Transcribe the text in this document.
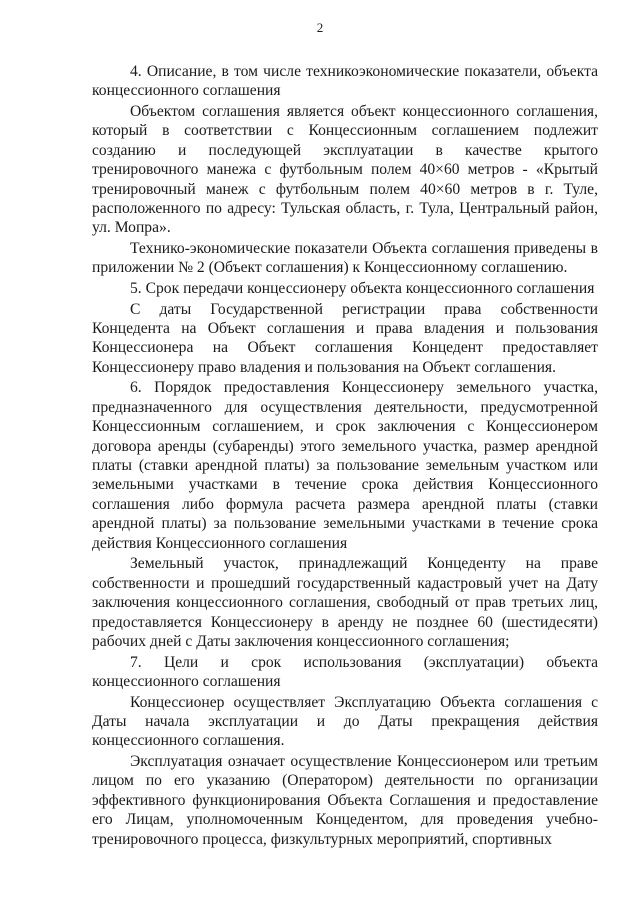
2

4. Описание, в том числе техникоэкономические показатели, объекта концессионного соглашения

Объектом соглашения является объект концессионного соглашения, который в соответствии с Концессионным соглашением подлежит созданию и последующей эксплуатации в качестве крытого тренировочного манежа с футбольным полем 40×60 метров - «Крытый тренировочный манеж с футбольным полем 40×60 метров в г. Туле, расположенного по адресу: Тульская область, г. Тула, Центральный район, ул. Мопра».

Технико-экономические показатели Объекта соглашения приведены в приложении № 2 (Объект соглашения) к Концессионному соглашению.

5. Срок передачи концессионеру объекта концессионного соглашения

С даты Государственной регистрации права собственности Концедента на Объект соглашения и права владения и пользования Концессионера на Объект соглашения Концедент предоставляет Концессионеру право владения и пользования на Объект соглашения.

6. Порядок предоставления Концессионеру земельного участка, предназначенного для осуществления деятельности, предусмотренной Концессионным соглашением, и срок заключения с Концессионером договора аренды (субаренды) этого земельного участка, размер арендной платы (ставки арендной платы) за пользование земельным участком или земельными участками в течение срока действия Концессионного соглашения либо формула расчета размера арендной платы (ставки арендной платы) за пользование земельными участками в течение срока действия Концессионного соглашения

Земельный участок, принадлежащий Концеденту на праве собственности и прошедший государственный кадастровый учет на Дату заключения концессионного соглашения, свободный от прав третьих лиц, предоставляется Концессионеру в аренду не позднее 60 (шестидесяти) рабочих дней с Даты заключения концессионного соглашения;

7. Цели и срок использования (эксплуатации) объекта концессионного соглашения

Концессионер осуществляет Эксплуатацию Объекта соглашения с Даты начала эксплуатации и до Даты прекращения действия концессионного соглашения.

Эксплуатация означает осуществление Концессионером или третьим лицом по его указанию (Оператором) деятельности по организации эффективного функционирования Объекта Соглашения и предоставление его Лицам, уполномоченным Концедентом, для проведения учебно-тренировочного процесса, физкультурных мероприятий, спортивных
